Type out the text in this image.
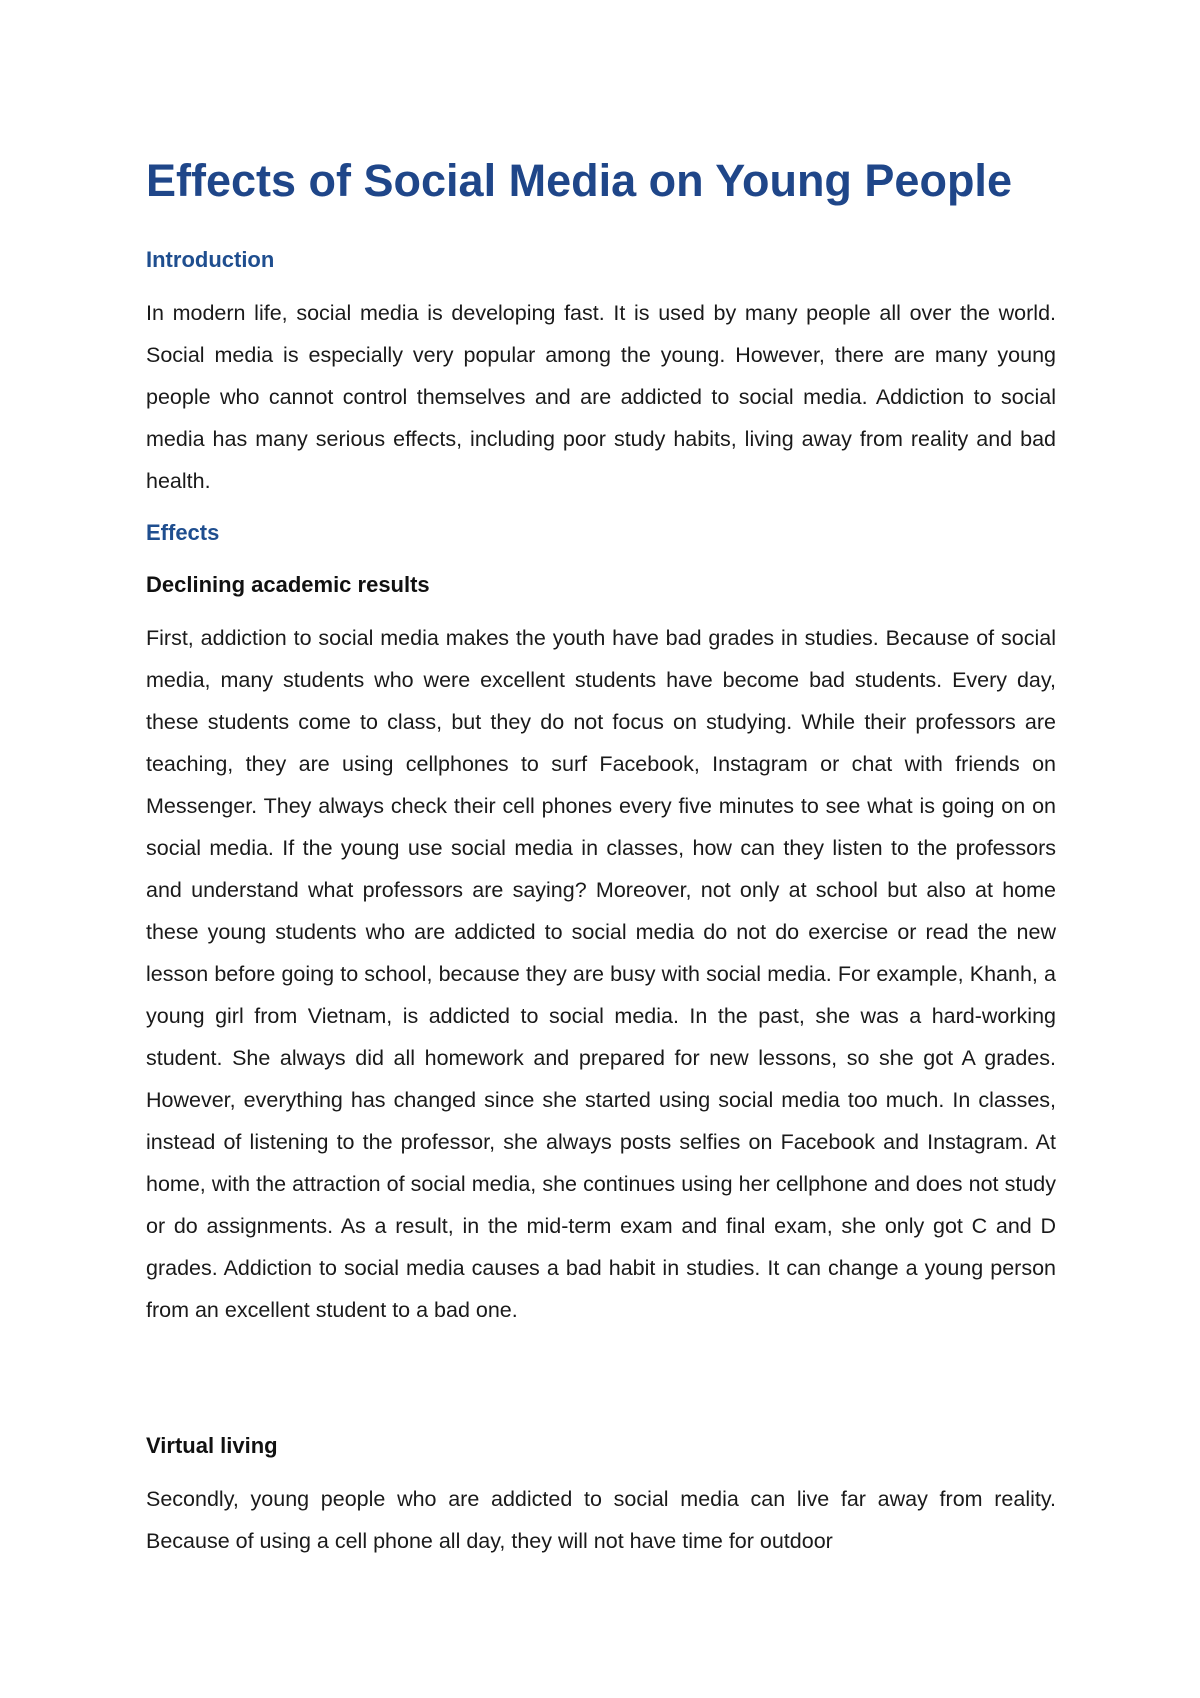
Effects of Social Media on Young People
Introduction

In modern life, social media is developing fast. It is used by many people all over the world. Social media is especially very popular among the young. However, there are many young people who cannot control themselves and are addicted to social media. Addiction to social media has many serious effects, including poor study habits, living away from reality and bad health.

Effects
Declining academic results

First, addiction to social media makes the youth have bad grades in studies. Because of social media, many students who were excellent students have become bad students. Every day, these students come to class, but they do not focus on studying. While their professors are teaching, they are using cellphones to surf Facebook, Instagram or chat with friends on Messenger. They always check their cell phones every five minutes to see what is going on on social media. If the young use social media in classes, how can they listen to the professors and understand what professors are saying? Moreover, not only at school but also at home these young students who are addicted to social media do not do exercise or read the new lesson before going to school, because they are busy with social media. For example, Khanh, a young girl from Vietnam, is addicted to social media. In the past, she was a hard-working student. She always did all homework and prepared for new lessons, so she got A grades. However, everything has changed since she started using social media too much. In classes, instead of listening to the professor, she always posts selfies on Facebook and Instagram. At home, with the attraction of social media, she continues using her cellphone and does not study or do assignments. As a result, in the mid-term exam and final exam, she only got C and D grades. Addiction to social media causes a bad habit in studies. It can change a young person from an excellent student to a bad one.

Virtual living

Secondly, young people who are addicted to social media can live far away from reality. Because of using a cell phone all day, they will not have time for outdoor
